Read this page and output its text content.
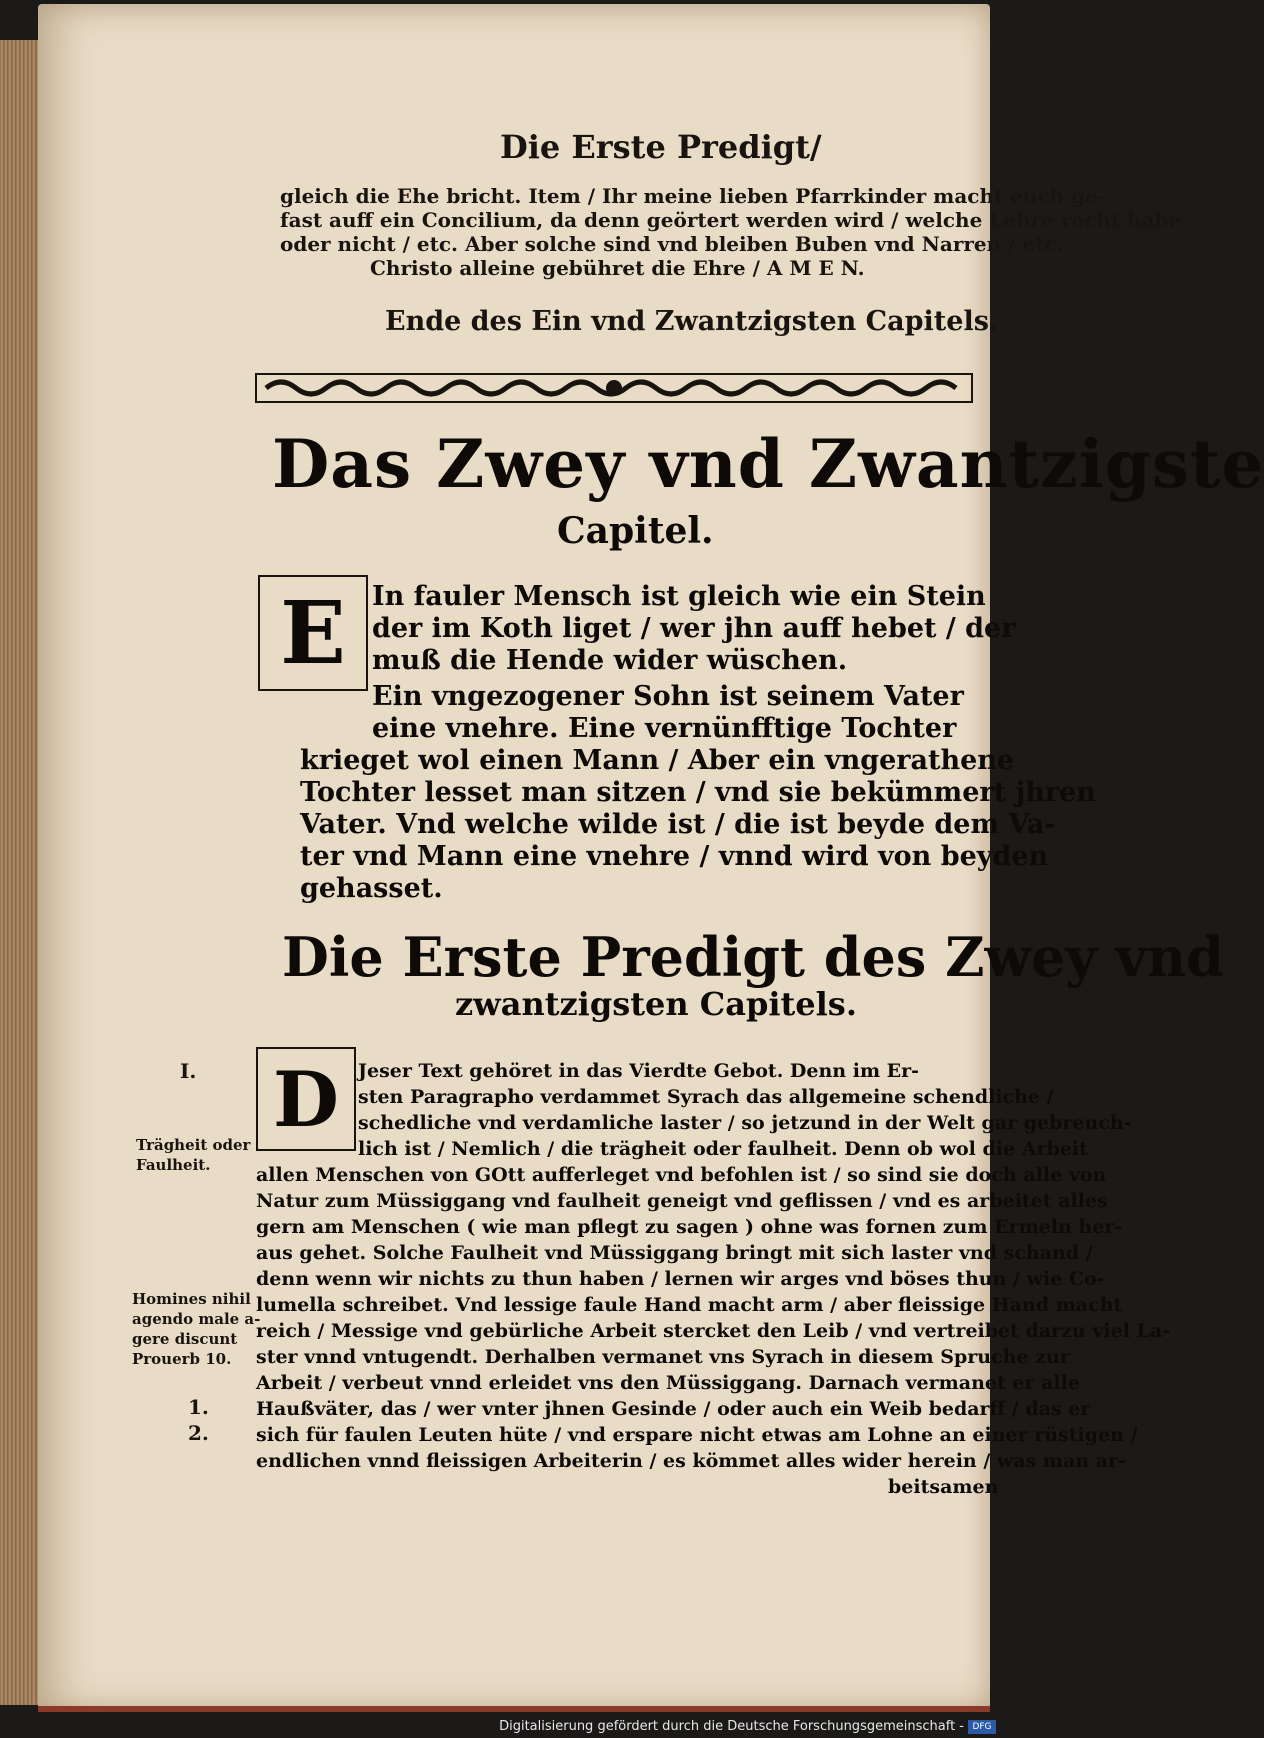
Die Erste Predigt/
gleich die Ehe bricht. Item / Ihr meine lieben Pfarrkinder macht euch ge-
fast auff ein Concilium, da denn geörtert werden wird / welche Lehre recht habe
oder nicht / etc. Aber solche sind vnd bleiben Buben vnd Narren / etc.
Christo alleine gebühret die Ehre / A M E N.
Ende des Ein vnd Zwantzigsten Capitels.
Das Zwey vnd Zwantzigste
Capitel.
E In fauler Mensch ist gleich wie ein Stein
der im Koth liget / wer jhn auff hebet / der
muß die Hende wider wüschen.
Ein vngezogener Sohn ist seinem Vater
eine vnehre. Eine vernünfftige Tochter
krieget wol einen Mann / Aber ein vngerathene
Tochter lesset man sitzen / vnd sie bekümmert jhren
Vater. Vnd welche wilde ist / die ist beyde dem Va-
ter vnd Mann eine vnehre / vnnd wird von beyden
gehasset.
Die Erste Predigt des Zwey vnd
zwantzigsten Capitels.
D	Jeser Text gehöret in das Vierdte Gebot. Denn im Er-
sten Paragrapho verdammet Syrach das allgemeine schendliche /
schedliche vnd verdamliche laster / so jetzund in der Welt gar gebreuch-
lich ist / Nemlich / die trägheit oder faulheit. Denn ob wol die Arbeit
allen Menschen von GOtt aufferleget vnd befohlen ist / so sind sie doch alle von
Natur zum Müssiggang vnd faulheit geneigt vnd geflissen / vnd es arbeitet alles
gern am Menschen ( wie man pflegt zu sagen ) ohne was fornen zum Ermeln her-
aus gehet. Solche Faulheit vnd Müssiggang bringt mit sich laster vnd schand /
denn wenn wir nichts zu thun haben / lernen wir arges vnd böses thun / wie Co-
lumella schreibet. Vnd lessige faule Hand macht arm / aber fleissige Hand macht
reich / Messige vnd gebürliche Arbeit stercket den Leib / vnd vertreibet darzu viel La-
ster vnnd vntugendt. Derhalben vermanet vns Syrach in diesem Spruche zur
Arbeit / verbeut vnnd erleidet vns den Müssiggang. Darnach vermanet er alle
Haußväter, das / wer vnter jhnen Gesinde / oder auch ein Weib bedarff / das er
sich für faulen Leuten hüte / vnd erspare nicht etwas am Lohne an einer rüstigen /
endlichen vnnd fleissigen Arbeiterin / es kömmet alles wider herein / was man ar-
beitsamen
I.
Trägheit oder
Faulheit.
Homines nihil
agendo male a-
gere discunt
Prouerb 10.
1.
2.
Digitalisierung gefördert durch die Deutsche Forschungsgemeinschaft - DFG
